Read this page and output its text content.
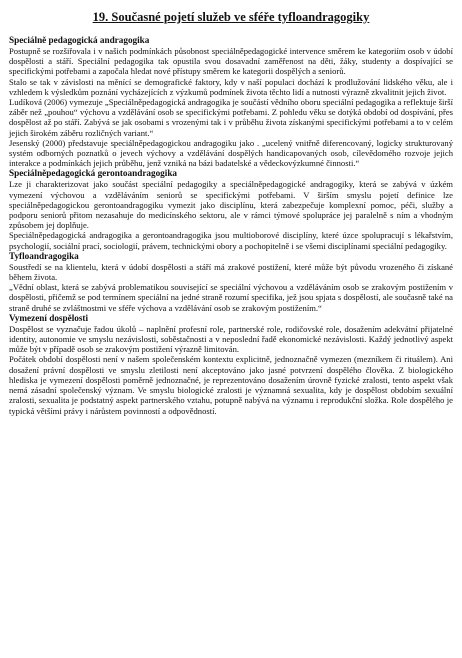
19. Současné pojetí služeb ve sféře tyfloandragogiky
Speciálně pedagogická andragogika

Postupně se rozšiřovala i v našich podmínkách působnost speciálněpedagogické intervence směrem ke kategoriím osob v údobí dospělosti a stáří. Speciální pedagogika tak opustila svou dosavadní zaměřenost na děti, žáky, studenty a dospívající se specifickými potřebami a započala hledat nové přístupy směrem ke kategorii dospělých a seniorů.

Stalo se tak v závislosti na měnící se demografické faktory, kdy v naší populaci dochází k prodlužování lidského věku, ale i vzhledem k výsledkům poznání vycházejících z výzkumů podmínek života těchto lidí a nutnosti výrazně zkvalitnit jejich život.

Ludíková (2006) vymezuje „Speciálněpedagogická andragogika je součástí vědního oboru speciální pedagogika a reflektuje širší záběr než „pouhou“ výchovu a vzdělávání osob se specifickými potřebami. Z pohledu věku se dotýká období od dospívání, přes dospělost až po stáří. Zabývá se jak osobami s vrozenými tak i v průběhu života získanými specifickými potřebami a to v celém jejich širokém záběru rozličných variant.“

Jesenský (2000) představuje speciálněpedagogickou andragogiku jako . „ucelený vnitřně diferencovaný, logicky strukturovaný systém odborných poznatků o jevech výchovy a vzdělávání dospělých handicapovaných osob, cílevědomého rozvoje jejich interakce a podmínkách jejich průběhu, jenž vzniká na bázi badatelské a vědeckovýzkumné činnosti.“

Speciálněpedagogická gerontoandragogika

Lze ji charakterizovat jako součást speciální pedagogiky a speciálněpedagogické andragogiky, která se zabývá v úzkém vymezení výchovou a vzděláváním seniorů se specifickými potřebami. V širším smyslu pojetí definice lze speciálněpedagogickou gerontoandragogiku vymezit jako disciplínu, která zabezpečuje komplexní pomoc, péči, služby a podporu seniorů přitom nezasahuje do medicínského sektoru, ale v rámci týmové spolupráce jej paralelně s ním a vhodným způsobem jej doplňuje.

Speciálněpedagogická andragogika a gerontoandragogika jsou multioborové disciplíny, které úzce spolupracují s lékařstvím, psychologií, sociální prací, sociologií, právem, technickými obory a pochopitelně i se všemi disciplínami speciální pedagogiky.

Tyfloandragogika

Soustředí se na klientelu, která v údobí dospělosti a stáří má zrakové postižení, které může být původu vrozeného či získané během života.

„Vědní oblast, která se zabývá problematikou související se speciální výchovou a vzděláváním osob se zrakovým postižením v dospělosti, přičemž se pod termínem speciální na jedné straně rozumí specifika, jež jsou spjata s dospělostí, ale současně také na straně druhé se zvláštnostmi ve sféře výchova a vzdělávání osob se zrakovým postižením.“

Vymezení dospělosti

Dospělost se vyznačuje řadou úkolů – naplnění profesní role, partnerské role, rodičovské role, dosažením adekvátní přijatelné identity, autonomie ve smyslu nezávislosti, soběstačnosti a v neposlední řadě ekonomické nezávislosti. Každý jednotlivý aspekt může být v případě osob se zrakovým postižení výrazně limitován.

Počátek období dospělosti není v našem společenském kontextu explicitně, jednoznačně vymezen (mezníkem či rituálem). Ani dosažení právní dospělosti ve smyslu zletilosti není akceptováno jako jasné potvrzení dospělého člověka. Z biologického hlediska je vymezení dospělosti poměrně jednoznačné, je reprezentováno dosažením úrovně fyzické zralosti, tento aspekt však nemá zásadní společenský význam. Ve smyslu biologické zralosti je významná sexualita, kdy je dospělost obdobím sexuální zralosti, sexualita je podstatný aspekt partnerského vztahu, potupně nabývá na významu i reprodukční složka. Role dospělého je typická většími právy i nárůstem povinností a odpovědností.
